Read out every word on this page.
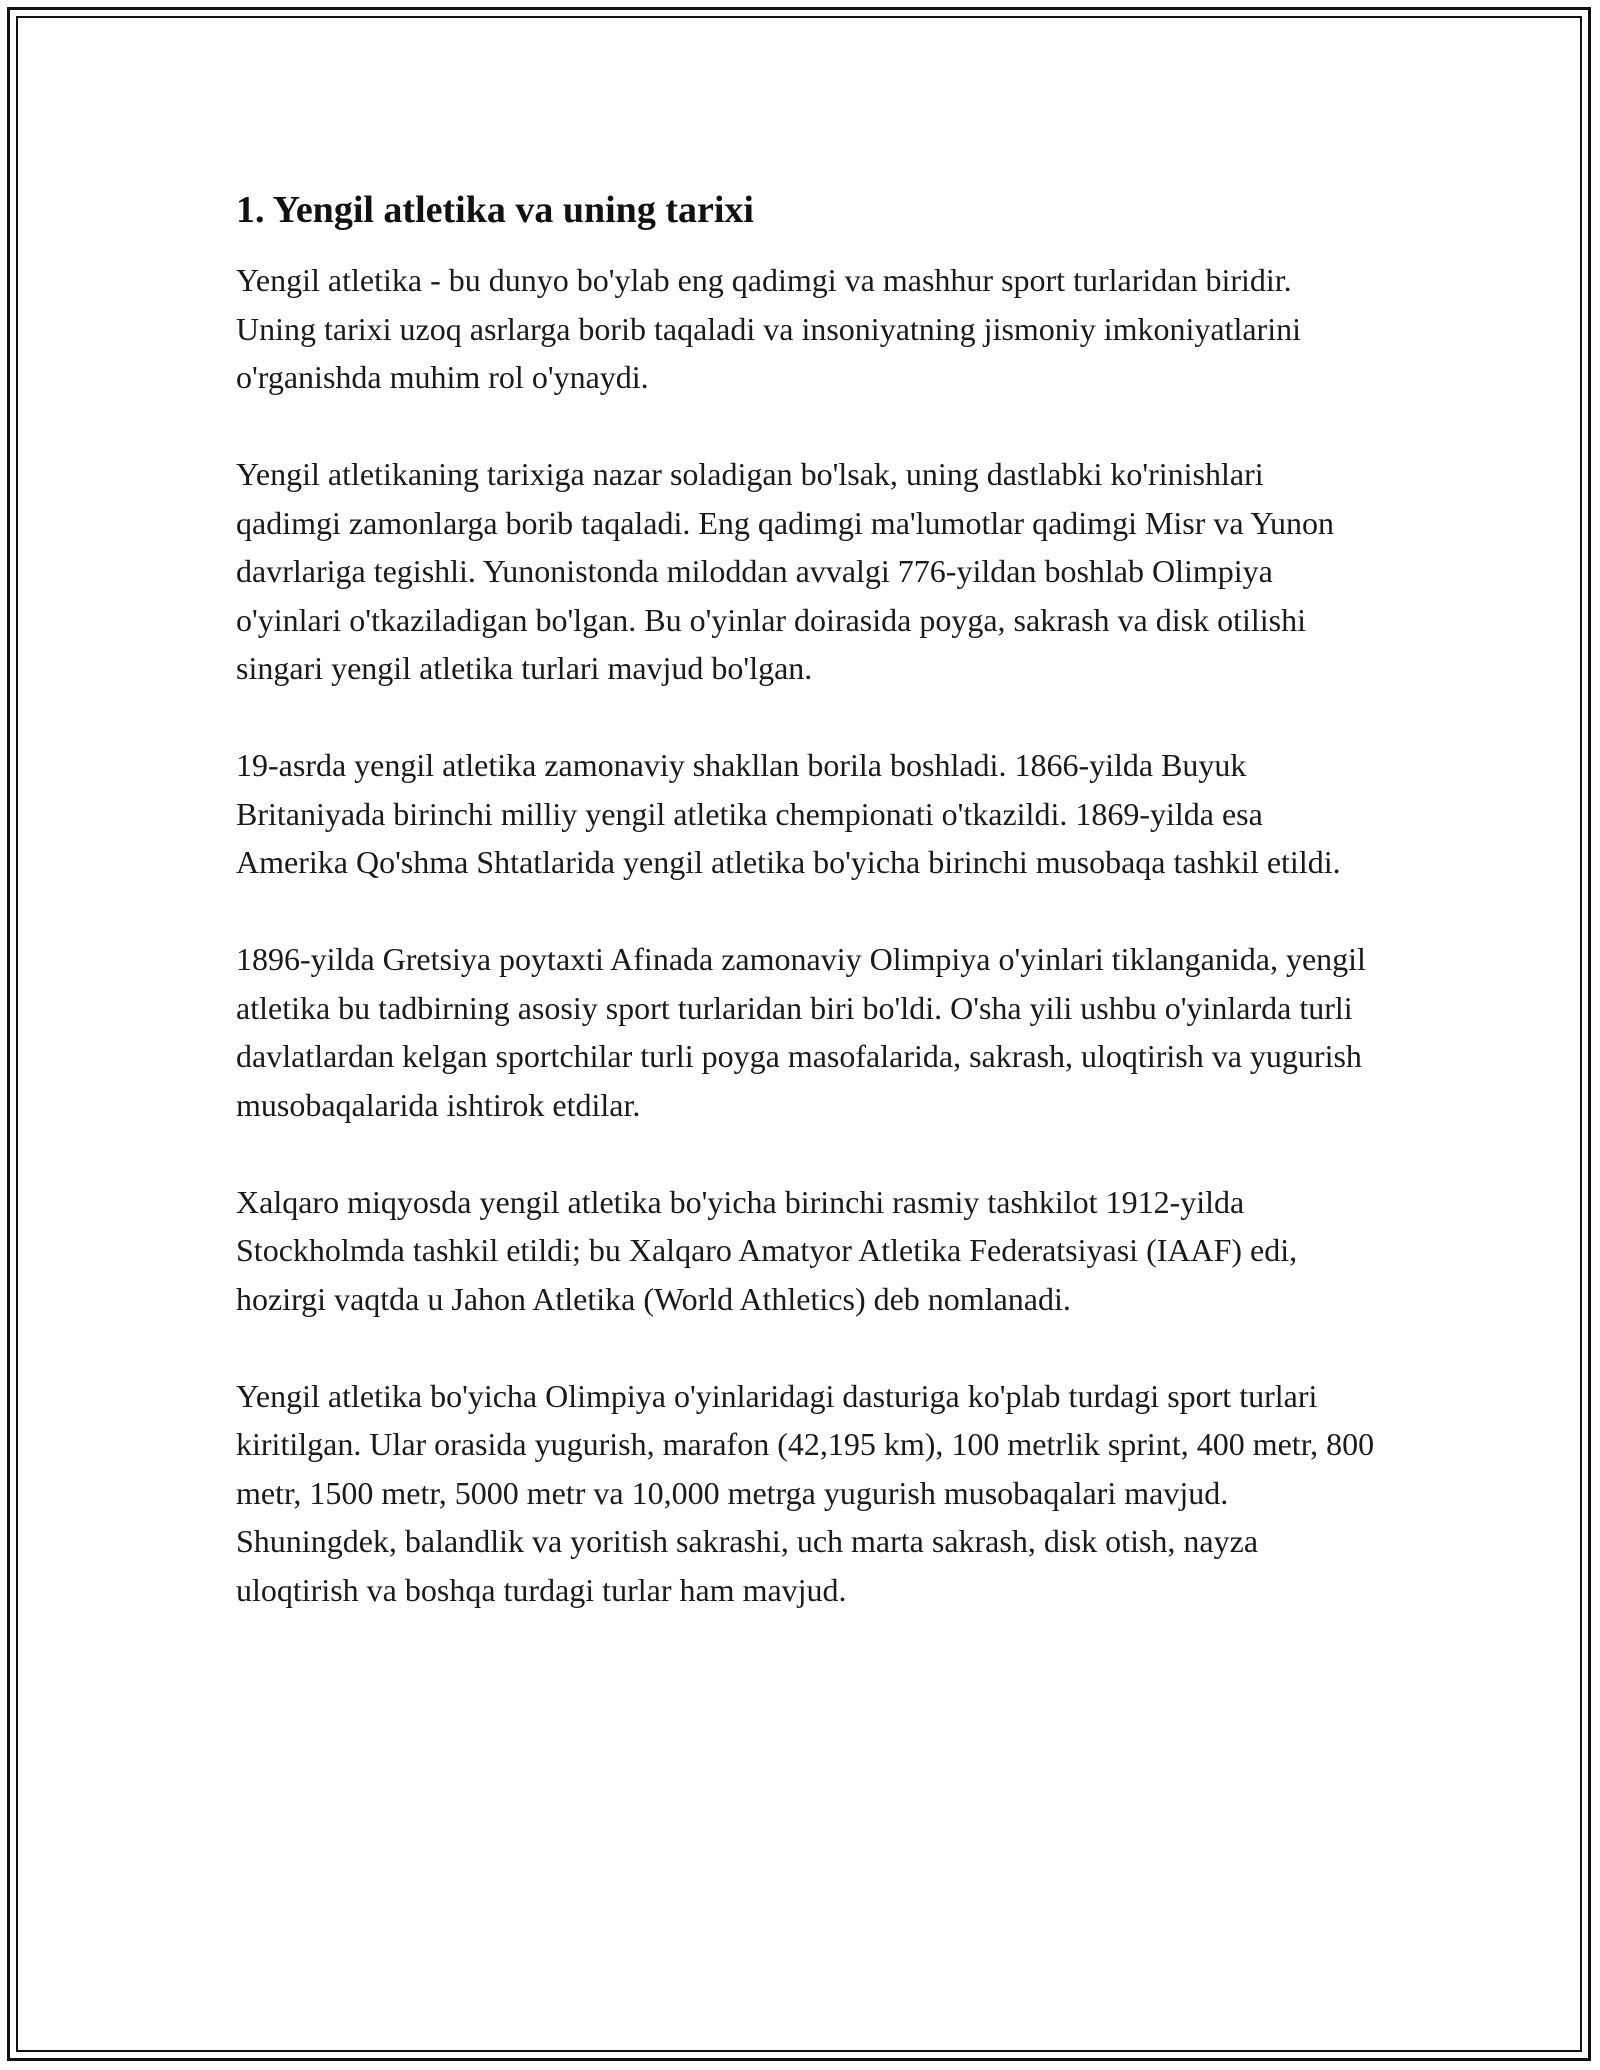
1. Yengil atletika va uning tarixi

Yengil atletika - bu dunyo bo'ylab eng qadimgi va mashhur sport turlaridan biridir. Uning tarixi uzoq asrlarga borib taqaladi va insoniyatning jismoniy imkoniyatlarini o'rganishda muhim rol o'ynaydi.

Yengil atletikaning tarixiga nazar soladigan bo'lsak, uning dastlabki ko'rinishlari qadimgi zamonlarga borib taqaladi. Eng qadimgi ma'lumotlar qadimgi Misr va Yunon davrlariga tegishli. Yunonistonda miloddan avvalgi 776-yildan boshlab Olimpiya o'yinlari o'tkaziladigan bo'lgan. Bu o'yinlar doirasida poyga, sakrash va disk otilishi singari yengil atletika turlari mavjud bo'lgan.

19-asrda yengil atletika zamonaviy shakllan borila boshladi. 1866-yilda Buyuk Britaniyada birinchi milliy yengil atletika chempionati o'tkazildi. 1869-yilda esa Amerika Qo'shma Shtatlarida yengil atletika bo'yicha birinchi musobaqa tashkil etildi.

1896-yilda Gretsiya poytaxti Afinada zamonaviy Olimpiya o'yinlari tiklanganida, yengil atletika bu tadbirning asosiy sport turlaridan biri bo'ldi. O'sha yili ushbu o'yinlarda turli davlatlardan kelgan sportchilar turli poyga masofalarida, sakrash, uloqtirish va yugurish musobaqalarida ishtirok etdilar.

Xalqaro miqyosda yengil atletika bo'yicha birinchi rasmiy tashkilot 1912-yilda Stockholmda tashkil etildi; bu Xalqaro Amatyor Atletika Federatsiyasi (IAAF) edi, hozirgi vaqtda u Jahon Atletika (World Athletics) deb nomlanadi.

Yengil atletika bo'yicha Olimpiya o'yinlaridagi dasturiga ko'plab turdagi sport turlari kiritilgan. Ular orasida yugurish, marafon (42,195 km), 100 metrlik sprint, 400 metr, 800 metr, 1500 metr, 5000 metr va 10,000 metrga yugurish musobaqalari mavjud. Shuningdek, balandlik va yoritish sakrashi, uch marta sakrash, disk otish, nayza uloqtirish va boshqa turdagi turlar ham mavjud.
